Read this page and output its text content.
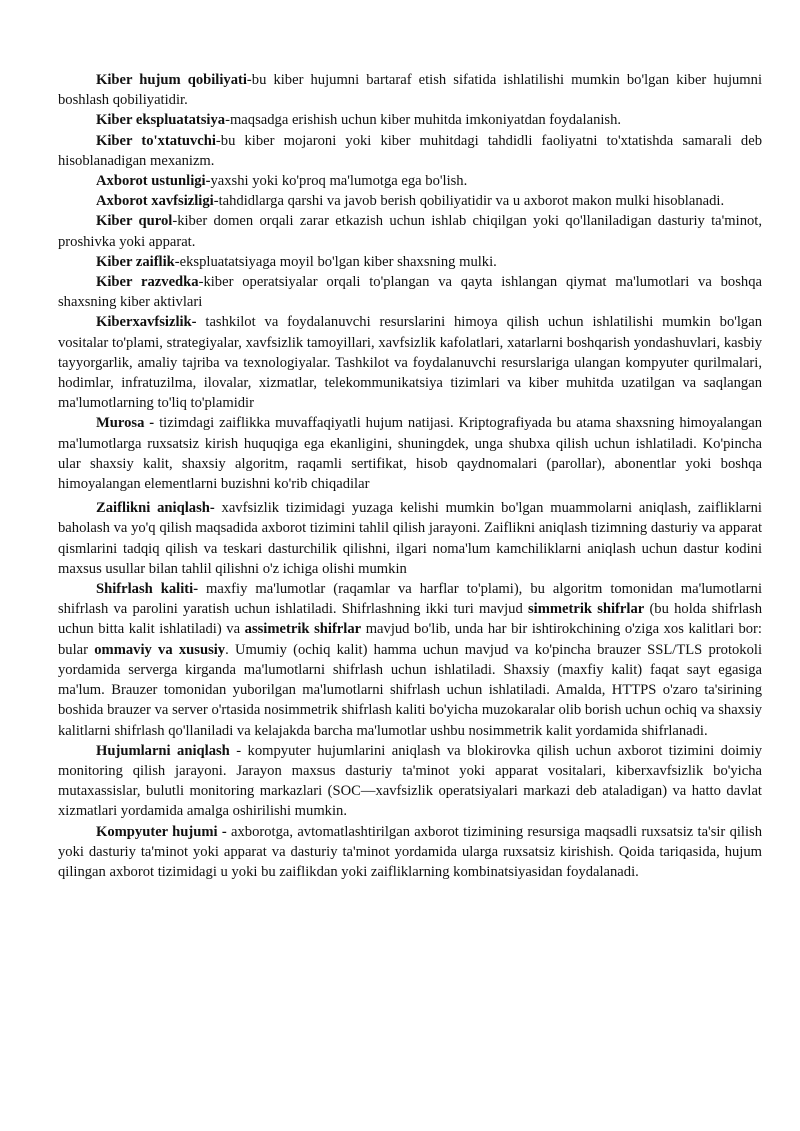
Kiber hujum qobiliyati-bu kiber hujumni bartaraf etish sifatida ishlatilishi mumkin bo'lgan kiber hujumni boshlash qobiliyatidir.

Kiber ekspluatatsiya-maqsadga erishish uchun kiber muhitda imkoniyatdan foydalanish.

Kiber to'xtatuvchi-bu kiber mojaroni yoki kiber muhitdagi tahdidli faoliyatni to'xtatishda samarali deb hisoblanadigan mexanizm.

Axborot ustunligi-yaxshi yoki ko'proq ma'lumotga ega bo'lish.

Axborot xavfsizligi-tahdidlarga qarshi va javob berish qobiliyatidir va u axborot makon mulki hisoblanadi.

Kiber qurol-kiber domen orqali zarar etkazish uchun ishlab chiqilgan yoki qo'llaniladigan dasturiy ta'minot, proshivka yoki apparat.

Kiber zaiflik-ekspluatatsiyaga moyil bo'lgan kiber shaxsning mulki.

Kiber razvedka-kiber operatsiyalar orqali to'plangan va qayta ishlangan qiymat ma'lumotlari va boshqa shaxsning kiber aktivlari

Kiberxavfsizlik- tashkilot va foydalanuvchi resurslarini himoya qilish uchun ishlatilishi mumkin bo'lgan vositalar to'plami, strategiyalar, xavfsizlik tamoyillari, xavfsizlik kafolatlari, xatarlarni boshqarish yondashuvlari, kasbiy tayyorgarlik, amaliy tajriba va texnologiyalar. Tashkilot va foydalanuvchi resurslariga ulangan kompyuter qurilmalari, hodimlar, infratuzilma, ilovalar, xizmatlar, telekommunikatsiya tizimlari va kiber muhitda uzatilgan va saqlangan ma'lumotlarning to'liq to'plamidir

Murosa - tizimdagi zaiflikka muvaffaqiyatli hujum natijasi. Kriptografiyada bu atama shaxsning himoyalangan ma'lumotlarga ruxsatsiz kirish huquqiga ega ekanligini, shuningdek, unga shubxa qilish uchun ishlatiladi. Ko'pincha ular shaxsiy kalit, shaxsiy algoritm, raqamli sertifikat, hisob qaydnomalari (parollar), abonentlar yoki boshqa himoyalangan elementlarni buzishni ko'rib chiqadilar

Zaiflikni aniqlash- xavfsizlik tizimidagi yuzaga kelishi mumkin bo'lgan muammolarni aniqlash, zaifliklarni baholash va yo'q qilish maqsadida axborot tizimini tahlil qilish jarayoni. Zaiflikni aniqlash tizimning dasturiy va apparat qismlarini tadqiq qilish va teskari dasturchilik qilishni, ilgari noma'lum kamchiliklarni aniqlash uchun dastur kodini maxsus usullar bilan tahlil qilishni o'z ichiga olishi mumkin

Shifrlash kaliti- maxfiy ma'lumotlar (raqamlar va harflar to'plami), bu algoritm tomonidan ma'lumotlarni shifrlash va parolini yaratish uchun ishlatiladi. Shifrlashning ikki turi mavjud simmetrik shifrlar (bu holda shifrlash uchun bitta kalit ishlatiladi) va assimetrik shifrlar mavjud bo'lib, unda har bir ishtirokchining o'ziga xos kalitlari bor: bular ommaviy va xususiy. Umumiy (ochiq kalit) hamma uchun mavjud va ko'pincha brauzer SSL/TLS protokoli yordamida serverga kirganda ma'lumotlarni shifrlash uchun ishlatiladi. Shaxsiy (maxfiy kalit) faqat sayt egasiga ma'lum. Brauzer tomonidan yuborilgan ma'lumotlarni shifrlash uchun ishlatiladi. Amalda, HTTPS o'zaro ta'sirining boshida brauzer va server o'rtasida nosimmetrik shifrlash kaliti bo'yicha muzokaralar olib borish uchun ochiq va shaxsiy kalitlarni shifrlash qo'llaniladi va kelajakda barcha ma'lumotlar ushbu nosimmetrik kalit yordamida shifrlanadi.

Hujumlarni aniqlash - kompyuter hujumlarini aniqlash va blokirovka qilish uchun axborot tizimini doimiy monitoring qilish jarayoni. Jarayon maxsus dasturiy ta'minot yoki apparat vositalari, kiberxavfsizlik bo'yicha mutaxassislar, bulutli monitoring markazlari (SOC—xavfsizlik operatsiyalari markazi deb ataladigan) va hatto davlat xizmatlari yordamida amalga oshirilishi mumkin.

Kompyuter hujumi - axborotga, avtomatlashtirilgan axborot tizimining resursiga maqsadli ruxsatsiz ta'sir qilish yoki dasturiy ta'minot yoki apparat va dasturiy ta'minot yordamida ularga ruxsatsiz kirishish. Qoida tariqasida, hujum qilingan axborot tizimidagi u yoki bu zaiflikdan yoki zaifliklarning kombinatsiyasidan foydalanadi.
